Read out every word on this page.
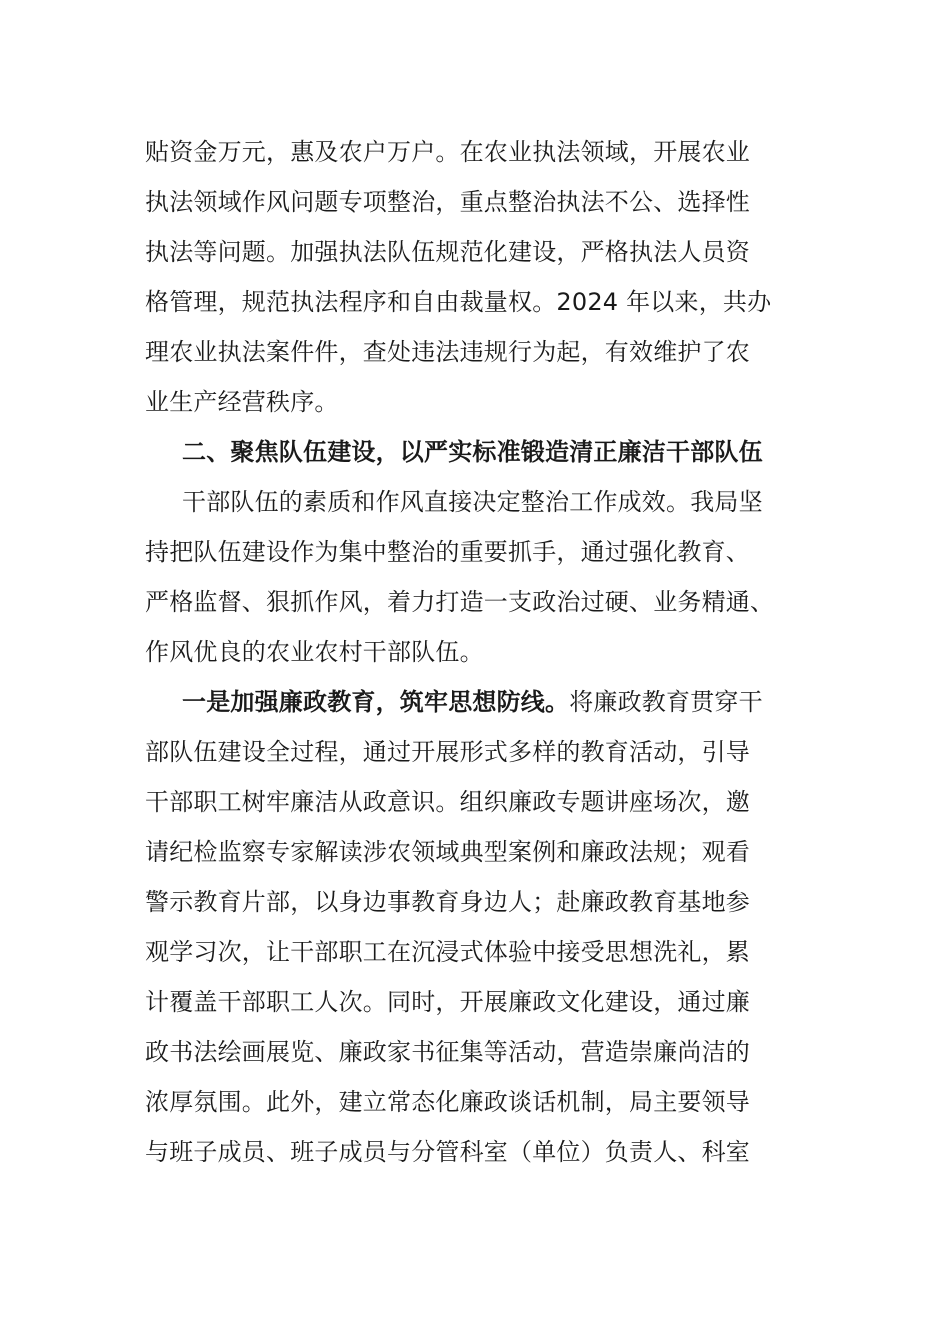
贴资金万元，惠及农户万户。在农业执法领域，开展农业
执法领域作风问题专项整治，重点整治执法不公、选择性
执法等问题。加强执法队伍规范化建设，严格执法人员资
格管理，规范执法程序和自由裁量权。2024 年以来，共办
理农业执法案件件，查处违法违规行为起，有效维护了农
业生产经营秩序。
二、聚焦队伍建设，以严实标准锻造清正廉洁干部队伍
干部队伍的素质和作风直接决定整治工作成效。我局坚
持把队伍建设作为集中整治的重要抓手，通过强化教育、
严格监督、狠抓作风，着力打造一支政治过硬、业务精通、
作风优良的农业农村干部队伍。
一是加强廉政教育，筑牢思想防线。将廉政教育贯穿干
部队伍建设全过程，通过开展形式多样的教育活动，引导
干部职工树牢廉洁从政意识。组织廉政专题讲座场次，邀
请纪检监察专家解读涉农领域典型案例和廉政法规；观看
警示教育片部，以身边事教育身边人；赴廉政教育基地参
观学习次，让干部职工在沉浸式体验中接受思想洗礼，累
计覆盖干部职工人次。同时，开展廉政文化建设，通过廉
政书法绘画展览、廉政家书征集等活动，营造崇廉尚洁的
浓厚氛围。此外，建立常态化廉政谈话机制，局主要领导
与班子成员、班子成员与分管科室（单位）负责人、科室
